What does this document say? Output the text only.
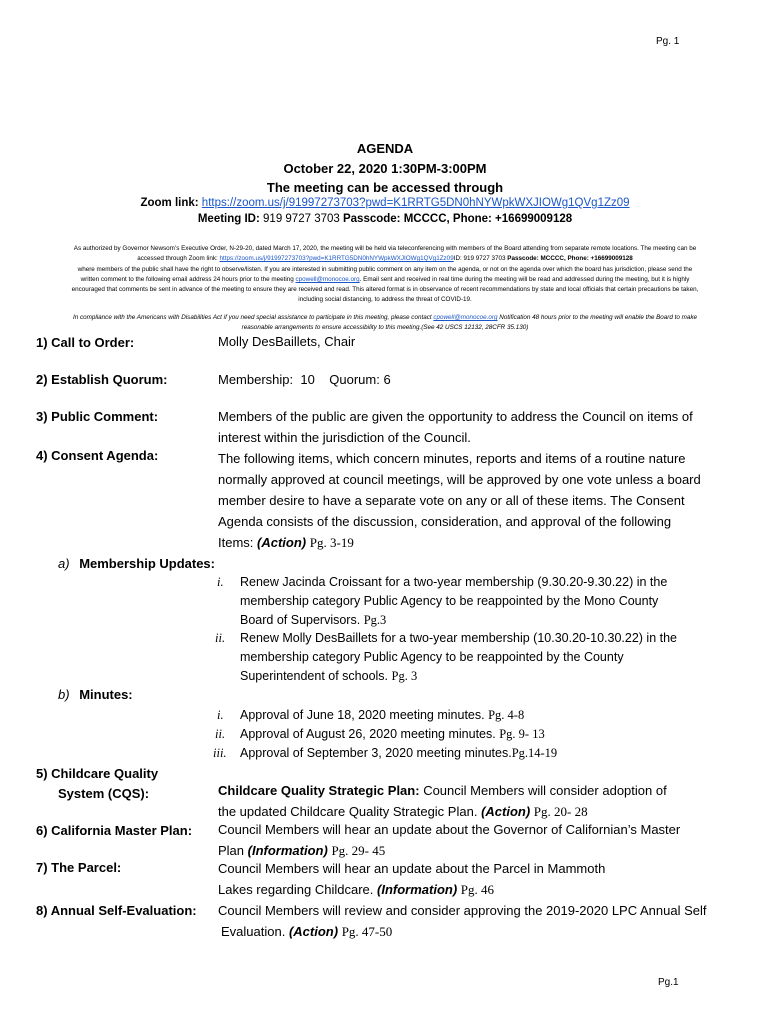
Pg. 1
Pg.1
AGENDA
October 22, 2020 1:30PM-3:00PM
The meeting can be accessed through
Zoom link: https://zoom.us/j/91997273703?pwd=K1RRTG5DN0hNYWpkWXJIOWg1QVg1Zz09
Meeting ID: 919 9727 3703 Passcode: MCCCC, Phone: +16699009128
As authorized by Governor Newsom’s Executive Order, N-29-20, dated March 17, 2020, the meeting will be held via teleconferencing with members of the Board attending from separate remote locations. The meeting can be
accessed through Zoom link: https://zoom.us/j/91997273703?pwd=K1RRTG5DN0hNYWpkWXJIOWg1QVg1Zz09ID: 919 9727 3703 Passcode: MCCCC, Phone: +16699009128
where members of the public shall have the right to observe/listen. If you are interested in submitting public comment on any item on the agenda, or not on the agenda over which the board has jurisdiction, please send the
written comment to the following email address 24 hours prior to the meeting cpowell@monocoe.org. Email sent and received in real time during the meeting will be read and addressed during the meeting, but it is highly
encouraged that comments be sent in advance of the meeting to ensure they are received and read. This altered format is in observance of recent recommendations by state and local officials that certain precautions be taken,
including social distancing, to address the threat of COVID-19.
In compliance with the Americans with Disabilities Act if you need special assistance to participate in this meeting, please contact cpowell@monocoe.org Notification 48 hours prior to the meeting will enable the Board to make
reasonable arrangements to ensure accessibility to this meeting.(See 42 USCS 12132, 28CFR 35.130)
1) Call to Order:	Molly DesBaillets, Chair
2) Establish Quorum:	Membership:  10    Quorum: 6
3) Public Comment:	Members of the public are given the opportunity to address the Council on items of
interest within the jurisdiction of the Council.
4) Consent Agenda:	The following items, which concern minutes, reports and items of a routine nature
normally approved at council meetings, will be approved by one vote unless a board
member desire to have a separate vote on any or all of these items. The Consent
Agenda consists of the discussion, consideration, and approval of the following
Items: (Action) Pg. 3-19
a) Membership Updates:
i. Renew Jacinda Croissant for a two-year membership (9.30.20-9.30.22) in the
membership category Public Agency to be reappointed by the Mono County
Board of Supervisors. Pg.3
ii. Renew Molly DesBaillets for a two-year membership (10.30.20-10.30.22) in the
membership category Public Agency to be reappointed by the County
Superintendent of schools. Pg. 3
b) Minutes:
i. Approval of June 18, 2020 meeting minutes. Pg. 4-8
ii. Approval of August 26, 2020 meeting minutes. Pg. 9- 13
iii. Approval of September 3, 2020 meeting minutes.Pg.14-19
5) Childcare Quality
System (CQS):	Childcare Quality Strategic Plan: Council Members will consider adoption of
the updated Childcare Quality Strategic Plan. (Action) Pg. 20- 28
6) California Master Plan: Council Members will hear an update about the Governor of Californian’s Master
Plan (Information) Pg. 29- 45
7) The Parcel:	Council Members will hear an update about the Parcel in Mammoth
Lakes regarding Childcare. (Information) Pg. 46
8) Annual Self-Evaluation: Council Members will review and consider approving the 2019-2020 LPC Annual Self
Evaluation. (Action) Pg. 47-50
